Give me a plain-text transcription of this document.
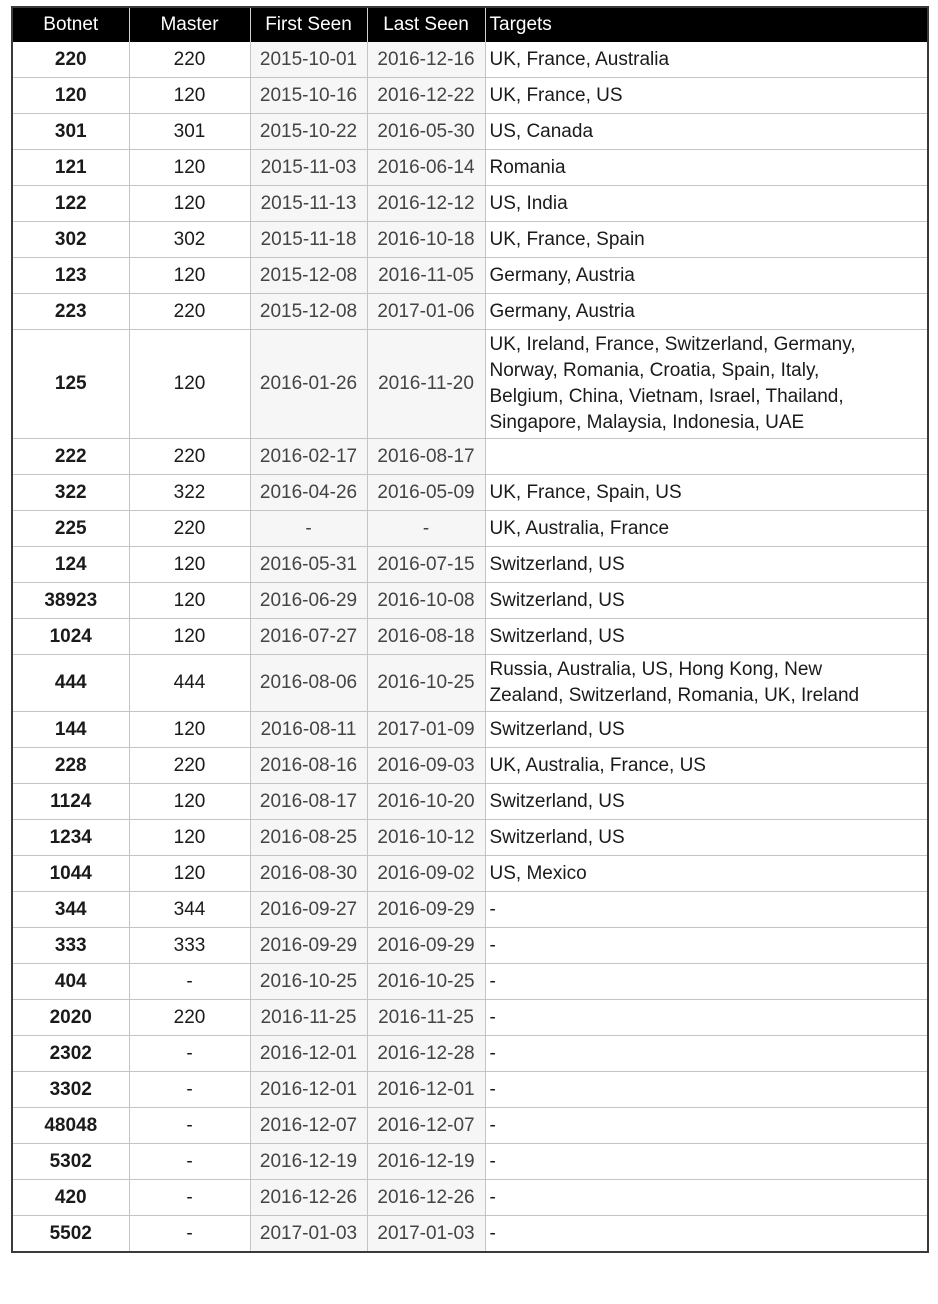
Botnet	Master	First Seen	Last Seen	Targets
220	220	2015-10-01	2016-12-16	UK, France, Australia
120	120	2015-10-16	2016-12-22	UK, France, US
301	301	2015-10-22	2016-05-30	US, Canada
121	120	2015-11-03	2016-06-14	Romania
122	120	2015-11-13	2016-12-12	US, India
302	302	2015-11-18	2016-10-18	UK, France, Spain
123	120	2015-12-08	2016-11-05	Germany, Austria
223	220	2015-12-08	2017-01-06	Germany, Austria
125	120	2016-01-26	2016-11-20	UK, Ireland, France, Switzerland, Germany, Norway, Romania, Croatia, Spain, Italy, Belgium, China, Vietnam, Israel, Thailand, Singapore, Malaysia, Indonesia, UAE
222	220	2016-02-17	2016-08-17	
322	322	2016-04-26	2016-05-09	UK, France, Spain, US
225	220	-	-	UK, Australia, France
124	120	2016-05-31	2016-07-15	Switzerland, US
38923	120	2016-06-29	2016-10-08	Switzerland, US
1024	120	2016-07-27	2016-08-18	Switzerland, US
444	444	2016-08-06	2016-10-25	Russia, Australia, US, Hong Kong, New Zealand, Switzerland, Romania, UK, Ireland
144	120	2016-08-11	2017-01-09	Switzerland, US
228	220	2016-08-16	2016-09-03	UK, Australia, France, US
1124	120	2016-08-17	2016-10-20	Switzerland, US
1234	120	2016-08-25	2016-10-12	Switzerland, US
1044	120	2016-08-30	2016-09-02	US, Mexico
344	344	2016-09-27	2016-09-29	-
333	333	2016-09-29	2016-09-29	-
404	-	2016-10-25	2016-10-25	-
2020	220	2016-11-25	2016-11-25	-
2302	-	2016-12-01	2016-12-28	-
3302	-	2016-12-01	2016-12-01	-
48048	-	2016-12-07	2016-12-07	-
5302	-	2016-12-19	2016-12-19	-
420	-	2016-12-26	2016-12-26	-
5502	-	2017-01-03	2017-01-03	-
